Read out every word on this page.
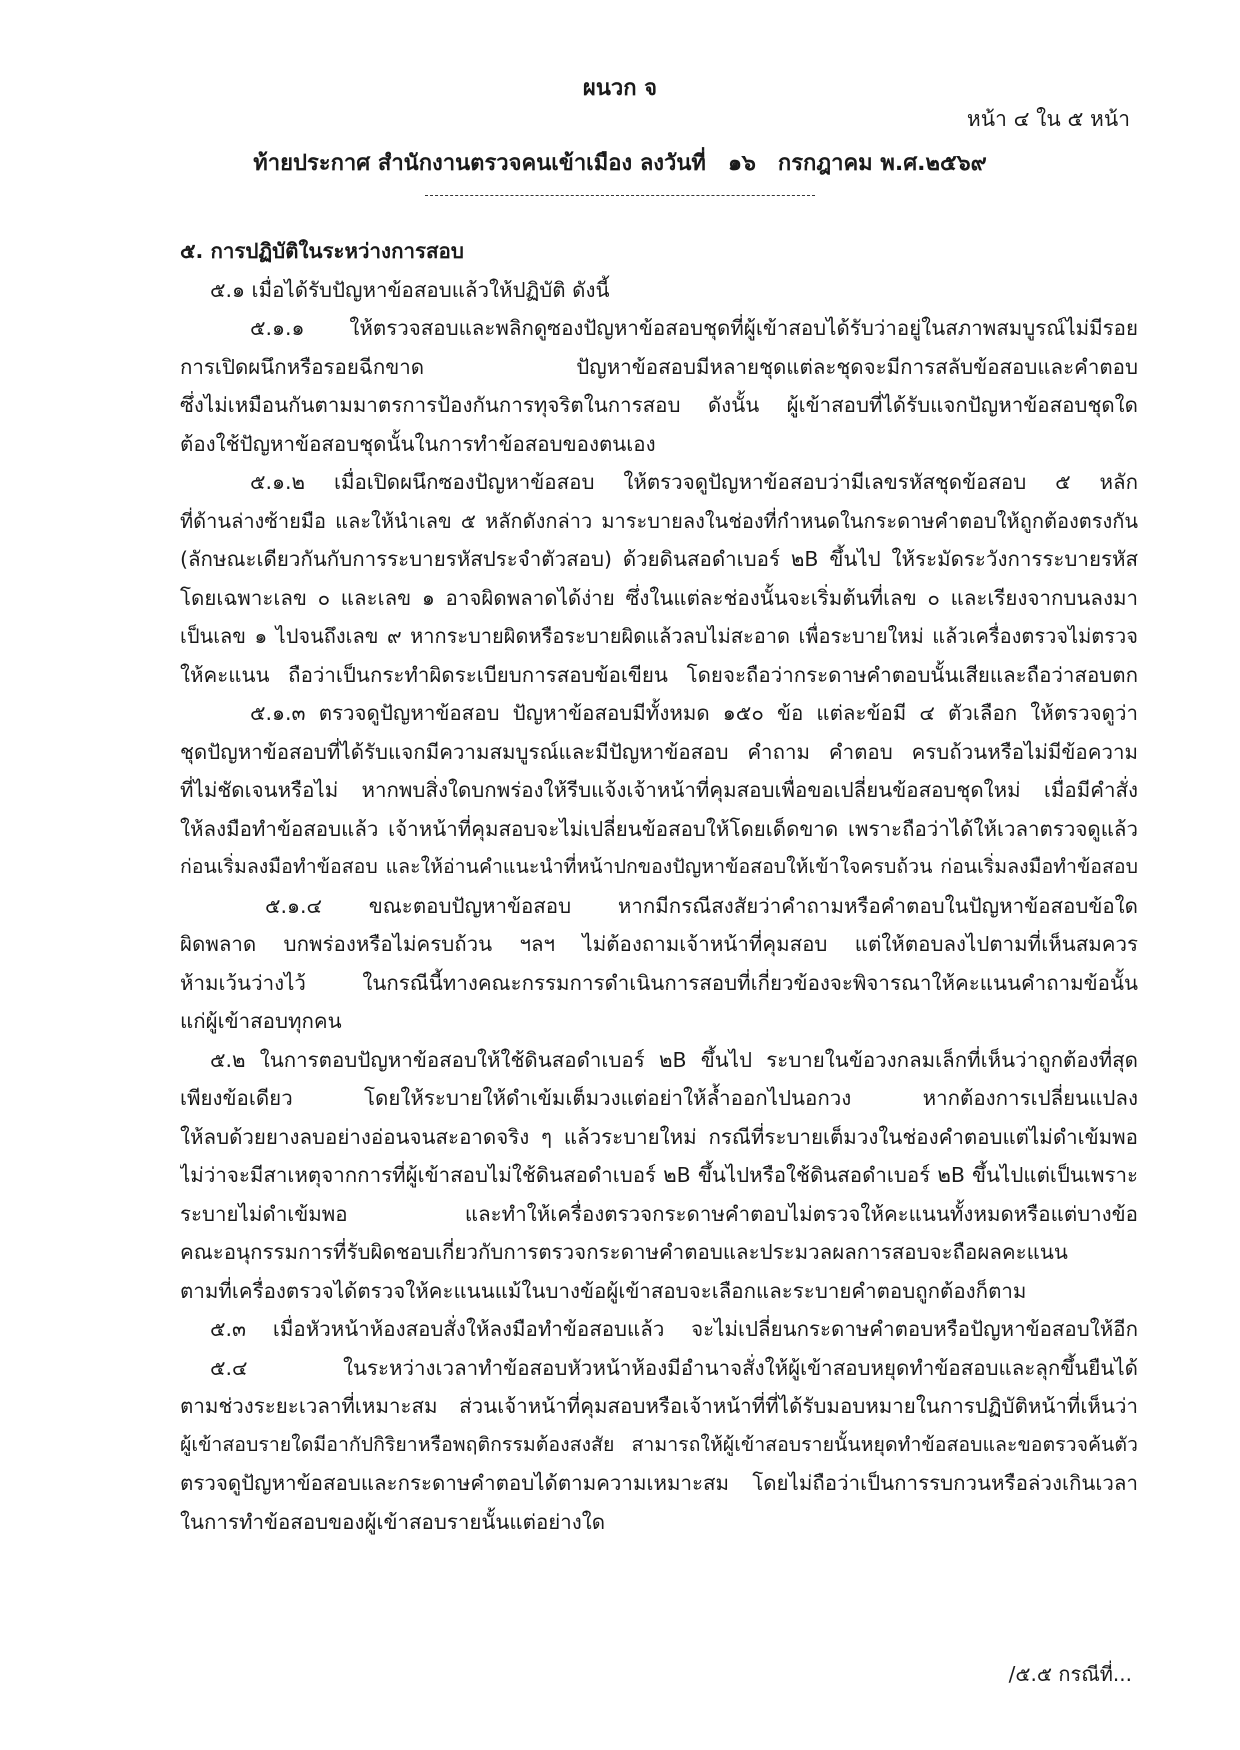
ผนวก จ
หน้า ๔ ใน ๕ หน้า
ท้ายประกาศ สำนักงานตรวจคนเข้าเมือง ลงวันที่ ๑๖ กรกฎาคม พ.ศ.๒๕๖๙
๕. การปฏิบัติในระหว่างการสอบ
๕.๑ เมื่อได้รับปัญหาข้อสอบแล้วให้ปฏิบัติ ดังนี้
๕.๑.๑ ให้ตรวจสอบและพลิกดูซองปัญหาข้อสอบชุดที่ผู้เข้าสอบได้รับว่าอยู่ในสภาพสมบูรณ์ไม่มีรอย
การเปิดผนึกหรือรอยฉีกขาด ปัญหาข้อสอบมีหลายชุดแต่ละชุดจะมีการสลับข้อสอบและคำตอบ
ซึ่งไม่เหมือนกันตามมาตรการป้องกันการทุจริตในการสอบ ดังนั้น ผู้เข้าสอบที่ได้รับแจกปัญหาข้อสอบชุดใด
ต้องใช้ปัญหาข้อสอบชุดนั้นในการทำข้อสอบของตนเอง
๕.๑.๒ เมื่อเปิดผนึกซองปัญหาข้อสอบ ให้ตรวจดูปัญหาข้อสอบว่ามีเลขรหัสชุดข้อสอบ ๕ หลัก
ที่ด้านล่างซ้ายมือ และให้นำเลข ๕ หลักดังกล่าว มาระบายลงในช่องที่กำหนดในกระดาษคำตอบให้ถูกต้องตรงกัน
(ลักษณะเดียวกันกับการระบายรหัสประจำตัวสอบ) ด้วยดินสอดำเบอร์ ๒B ขึ้นไป ให้ระมัดระวังการระบายรหัส
โดยเฉพาะเลข ๐ และเลข ๑ อาจผิดพลาดได้ง่าย ซึ่งในแต่ละช่องนั้นจะเริ่มต้นที่เลข ๐ และเรียงจากบนลงมา
เป็นเลข ๑ ไปจนถึงเลข ๙ หากระบายผิดหรือระบายผิดแล้วลบไม่สะอาด เพื่อระบายใหม่ แล้วเครื่องตรวจไม่ตรวจ
ให้คะแนน ถือว่าเป็นกระทำผิดระเบียบการสอบข้อเขียน โดยจะถือว่ากระดาษคำตอบนั้นเสียและถือว่าสอบตก
๕.๑.๓ ตรวจดูปัญหาข้อสอบ ปัญหาข้อสอบมีทั้งหมด ๑๕๐ ข้อ แต่ละข้อมี ๔ ตัวเลือก ให้ตรวจดูว่า
ชุดปัญหาข้อสอบที่ได้รับแจกมีความสมบูรณ์และมีปัญหาข้อสอบ คำถาม คำตอบ ครบถ้วนหรือไม่มีข้อความ
ที่ไม่ชัดเจนหรือไม่ หากพบสิ่งใดบกพร่องให้รีบแจ้งเจ้าหน้าที่คุมสอบเพื่อขอเปลี่ยนข้อสอบชุดใหม่ เมื่อมีคำสั่ง
ให้ลงมือทำข้อสอบแล้ว เจ้าหน้าที่คุมสอบจะไม่เปลี่ยนข้อสอบให้โดยเด็ดขาด เพราะถือว่าได้ให้เวลาตรวจดูแล้ว
ก่อนเริ่มลงมือทำข้อสอบ และให้อ่านคำแนะนำที่หน้าปกของปัญหาข้อสอบให้เข้าใจครบถ้วน ก่อนเริ่มลงมือทำข้อสอบ
๕.๑.๔ ขณะตอบปัญหาข้อสอบ หากมีกรณีสงสัยว่าคำถามหรือคำตอบในปัญหาข้อสอบข้อใด
ผิดพลาด บกพร่องหรือไม่ครบถ้วน ฯลฯ ไม่ต้องถามเจ้าหน้าที่คุมสอบ แต่ให้ตอบลงไปตามที่เห็นสมควร
ห้ามเว้นว่างไว้ ในกรณีนี้ทางคณะกรรมการดำเนินการสอบที่เกี่ยวข้องจะพิจารณาให้คะแนนคำถามข้อนั้น
แก่ผู้เข้าสอบทุกคน
๕.๒ ในการตอบปัญหาข้อสอบให้ใช้ดินสอดำเบอร์ ๒B ขึ้นไป ระบายในข้อวงกลมเล็กที่เห็นว่าถูกต้องที่สุด
เพียงข้อเดียว โดยให้ระบายให้ดำเข้มเต็มวงแต่อย่าให้ล้ำออกไปนอกวง หากต้องการเปลี่ยนแปลง
ให้ลบด้วยยางลบอย่างอ่อนจนสะอาดจริง ๆ แล้วระบายใหม่ กรณีที่ระบายเต็มวงในช่องคำตอบแต่ไม่ดำเข้มพอ
ไม่ว่าจะมีสาเหตุจากการที่ผู้เข้าสอบไม่ใช้ดินสอดำเบอร์ ๒B ขึ้นไปหรือใช้ดินสอดำเบอร์ ๒B ขึ้นไปแต่เป็นเพราะ
ระบายไม่ดำเข้มพอ และทำให้เครื่องตรวจกระดาษคำตอบไม่ตรวจให้คะแนนทั้งหมดหรือแต่บางข้อ
คณะอนุกรรมการที่รับผิดชอบเกี่ยวกับการตรวจกระดาษคำตอบและประมวลผลการสอบจะถือผลคะแนน
ตามที่เครื่องตรวจได้ตรวจให้คะแนนแม้ในบางข้อผู้เข้าสอบจะเลือกและระบายคำตอบถูกต้องก็ตาม
๕.๓ เมื่อหัวหน้าห้องสอบสั่งให้ลงมือทำข้อสอบแล้ว จะไม่เปลี่ยนกระดาษคำตอบหรือปัญหาข้อสอบให้อีก
๕.๔ ในระหว่างเวลาทำข้อสอบหัวหน้าห้องมีอำนาจสั่งให้ผู้เข้าสอบหยุดทำข้อสอบและลุกขึ้นยืนได้
ตามช่วงระยะเวลาที่เหมาะสม ส่วนเจ้าหน้าที่คุมสอบหรือเจ้าหน้าที่ที่ได้รับมอบหมายในการปฏิบัติหน้าที่เห็นว่า
ผู้เข้าสอบรายใดมีอากัปกิริยาหรือพฤติกรรมต้องสงสัย สามารถให้ผู้เข้าสอบรายนั้นหยุดทำข้อสอบและขอตรวจค้นตัว
ตรวจดูปัญหาข้อสอบและกระดาษคำตอบได้ตามความเหมาะสม โดยไม่ถือว่าเป็นการรบกวนหรือล่วงเกินเวลา
ในการทำข้อสอบของผู้เข้าสอบรายนั้นแต่อย่างใด
/๕.๕ กรณีที่...
